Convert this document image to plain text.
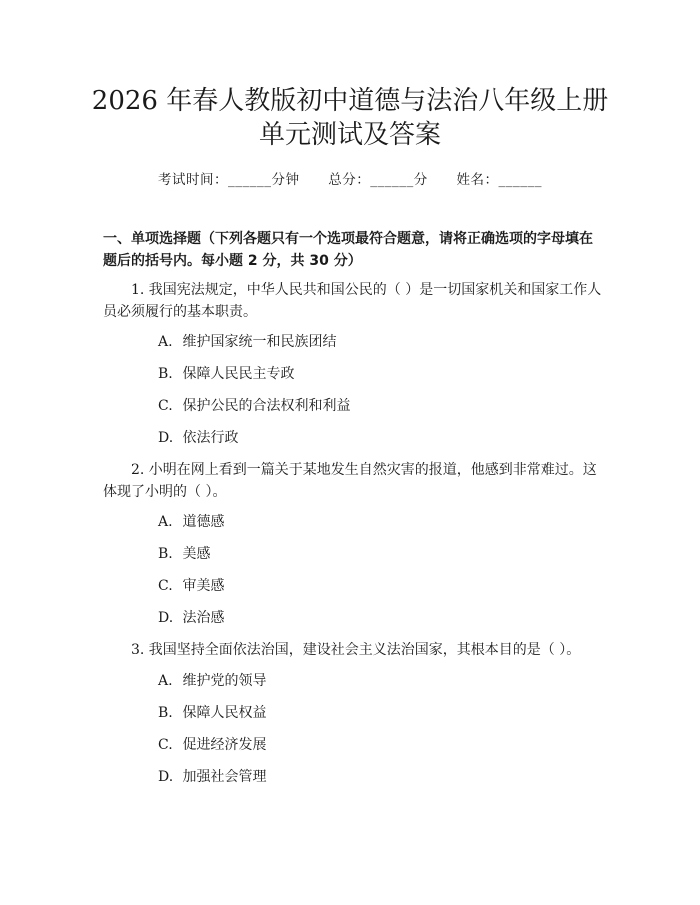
2026 年春人教版初中道德与法治八年级上册
单元测试及答案
考试时间：______分钟 总分：______分 姓名：______
一、单项选择题（下列各题只有一个选项最符合题意，请将正确选项的字母填在题后的括号内。每小题 2 分，共 30 分）
1. 我国宪法规定，中华人民共和国公民的（ ）是一切国家机关和国家工作人员必须履行的基本职责。
A. 维护国家统一和民族团结
B. 保障人民民主专政
C. 保护公民的合法权利和利益
D. 依法行政
2. 小明在网上看到一篇关于某地发生自然灾害的报道，他感到非常难过。这体现了小明的（ ）。
A. 道德感
B. 美感
C. 审美感
D. 法治感
3. 我国坚持全面依法治国，建设社会主义法治国家，其根本目的是（ ）。
A. 维护党的领导
B. 保障人民权益
C. 促进经济发展
D. 加强社会管理
